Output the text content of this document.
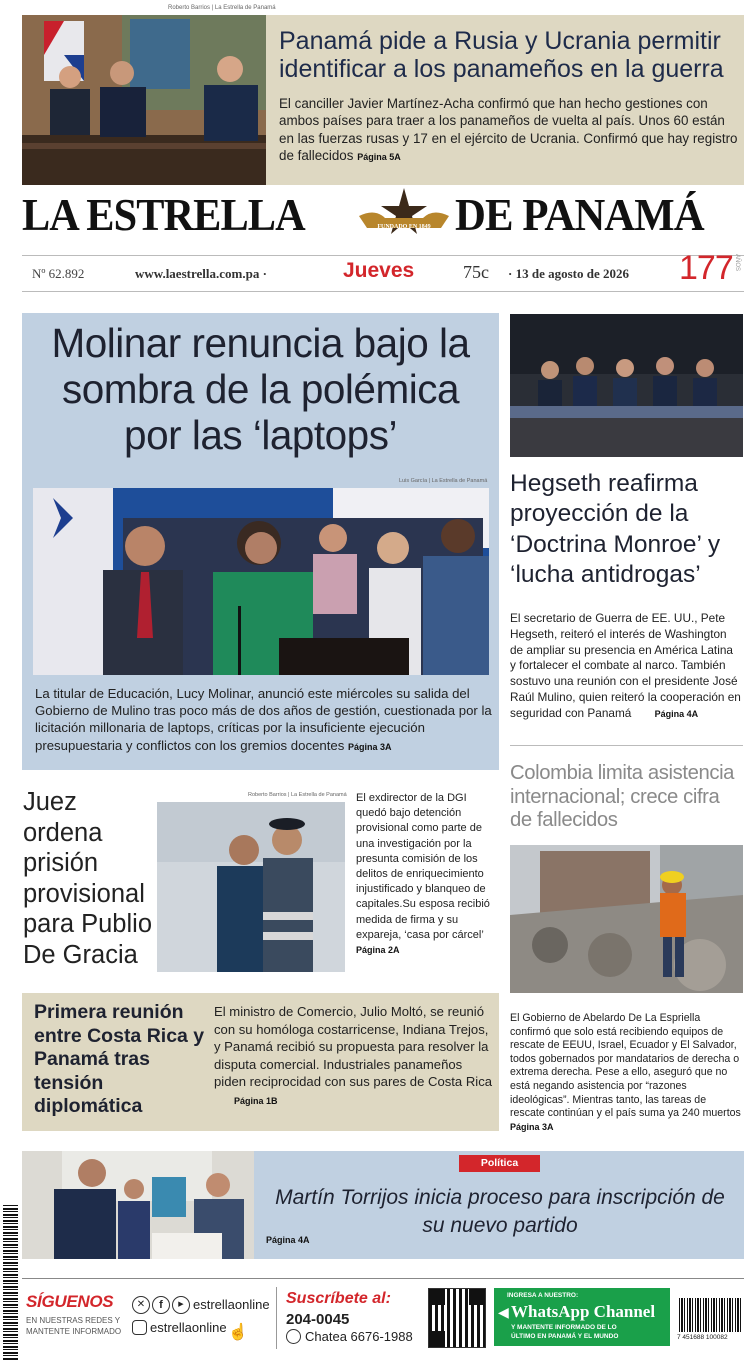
Roberto Barrios | La Estrella de Panamá
Panamá pide a Rusia y Ucrania permitir identificar a los panameños en la guerra
El canciller Javier Martínez-Acha confirmó que han hecho gestiones con ambos países para traer a los panameños de vuelta al país. Unos 60 están en las fuerzas rusas y 17 en el ejército de Ucrania. Confirmó que hay registro de fallecidos Página 5A
LA ESTRELLA	FUNDADO EN 1849 DE PANAMÁ
Nº 62.892	www.laestrella.com.pa ·	Jueves	75c · 13 de agosto de 2026 177 AÑOS
Molinar renuncia bajo la sombra de la polémica por las ‘laptops’
Luis García | La Estrella de Panamá
La titular de Educación, Lucy Molinar, anunció este miércoles su salida del Gobierno de Mulino tras poco más de dos años de gestión, cuestionada por la licitación millonaria de laptops, críticas por la insuficiente ejecución presupuestaria y conflictos con los gremios docentes Página 3A
Hegseth reafirma proyección de la ‘Doctrina Monroe’ y ‘lucha antidrogas’
El secretario de Guerra de EE. UU., Pete Hegseth, reiteró el interés de Washington de ampliar su presencia en América Latina y fortalecer el combate al narco. También sostuvo una reunión con el presidente José Raúl Mulino, quien reiteró la cooperación en seguridad con Panamá	Página 4A
Colombia limita asistencia internacional; crece cifra de fallecidos
El Gobierno de Abelardo De La Espriella confirmó que solo está recibiendo equipos de rescate de EEUU, Israel, Ecuador y El Salvador, todos gobernados por mandatarios de derecha o extrema derecha. Pese a ello, aseguró que no está negando asistencia por “razones ideológicas”. Mientras tanto, las tareas de rescate continúan y el país suma ya 240 muertos Página 3A
Juez ordena prisión provisional para Publio De Gracia
Roberto Barrios | La Estrella de Panamá El exdirector de la DGI quedó bajo detención provisional como parte de una investigación por la presunta comisión de los delitos de enriquecimiento injustificado y blanqueo de capitales.Su esposa recibió medida de firma y su expareja, ‘casa por cárcel’ Página 2A
Primera reunión entre Costa Rica y Panamá tras tensión diplomática
El ministro de Comercio, Julio Moltó, se reunió con su homóloga costarricense, Indiana Trejos, y Panamá recibió su propuesta para resolver la disputa comercial. Industriales panameños piden reciprocidad con sus pares de Costa Rica Página 1B
Política
Martín Torrijos inicia proceso para inscripción de su nuevo partido
Página 4A
SÍGUENOS
EN NUESTRAS REDES Y
MANTENTE INFORMADO
✕	f	▶ estrellaonline
estrellaonline ☝
Suscríbete al:
204-0045
Chatea 6676-1988
INGRESA A NUESTRO:
◀ WhatsApp Channel
Y MANTENTE INFORMADO DE LO
ÚLTIMO EN PANAMÁ Y EL MUNDO	7 451688 100082
